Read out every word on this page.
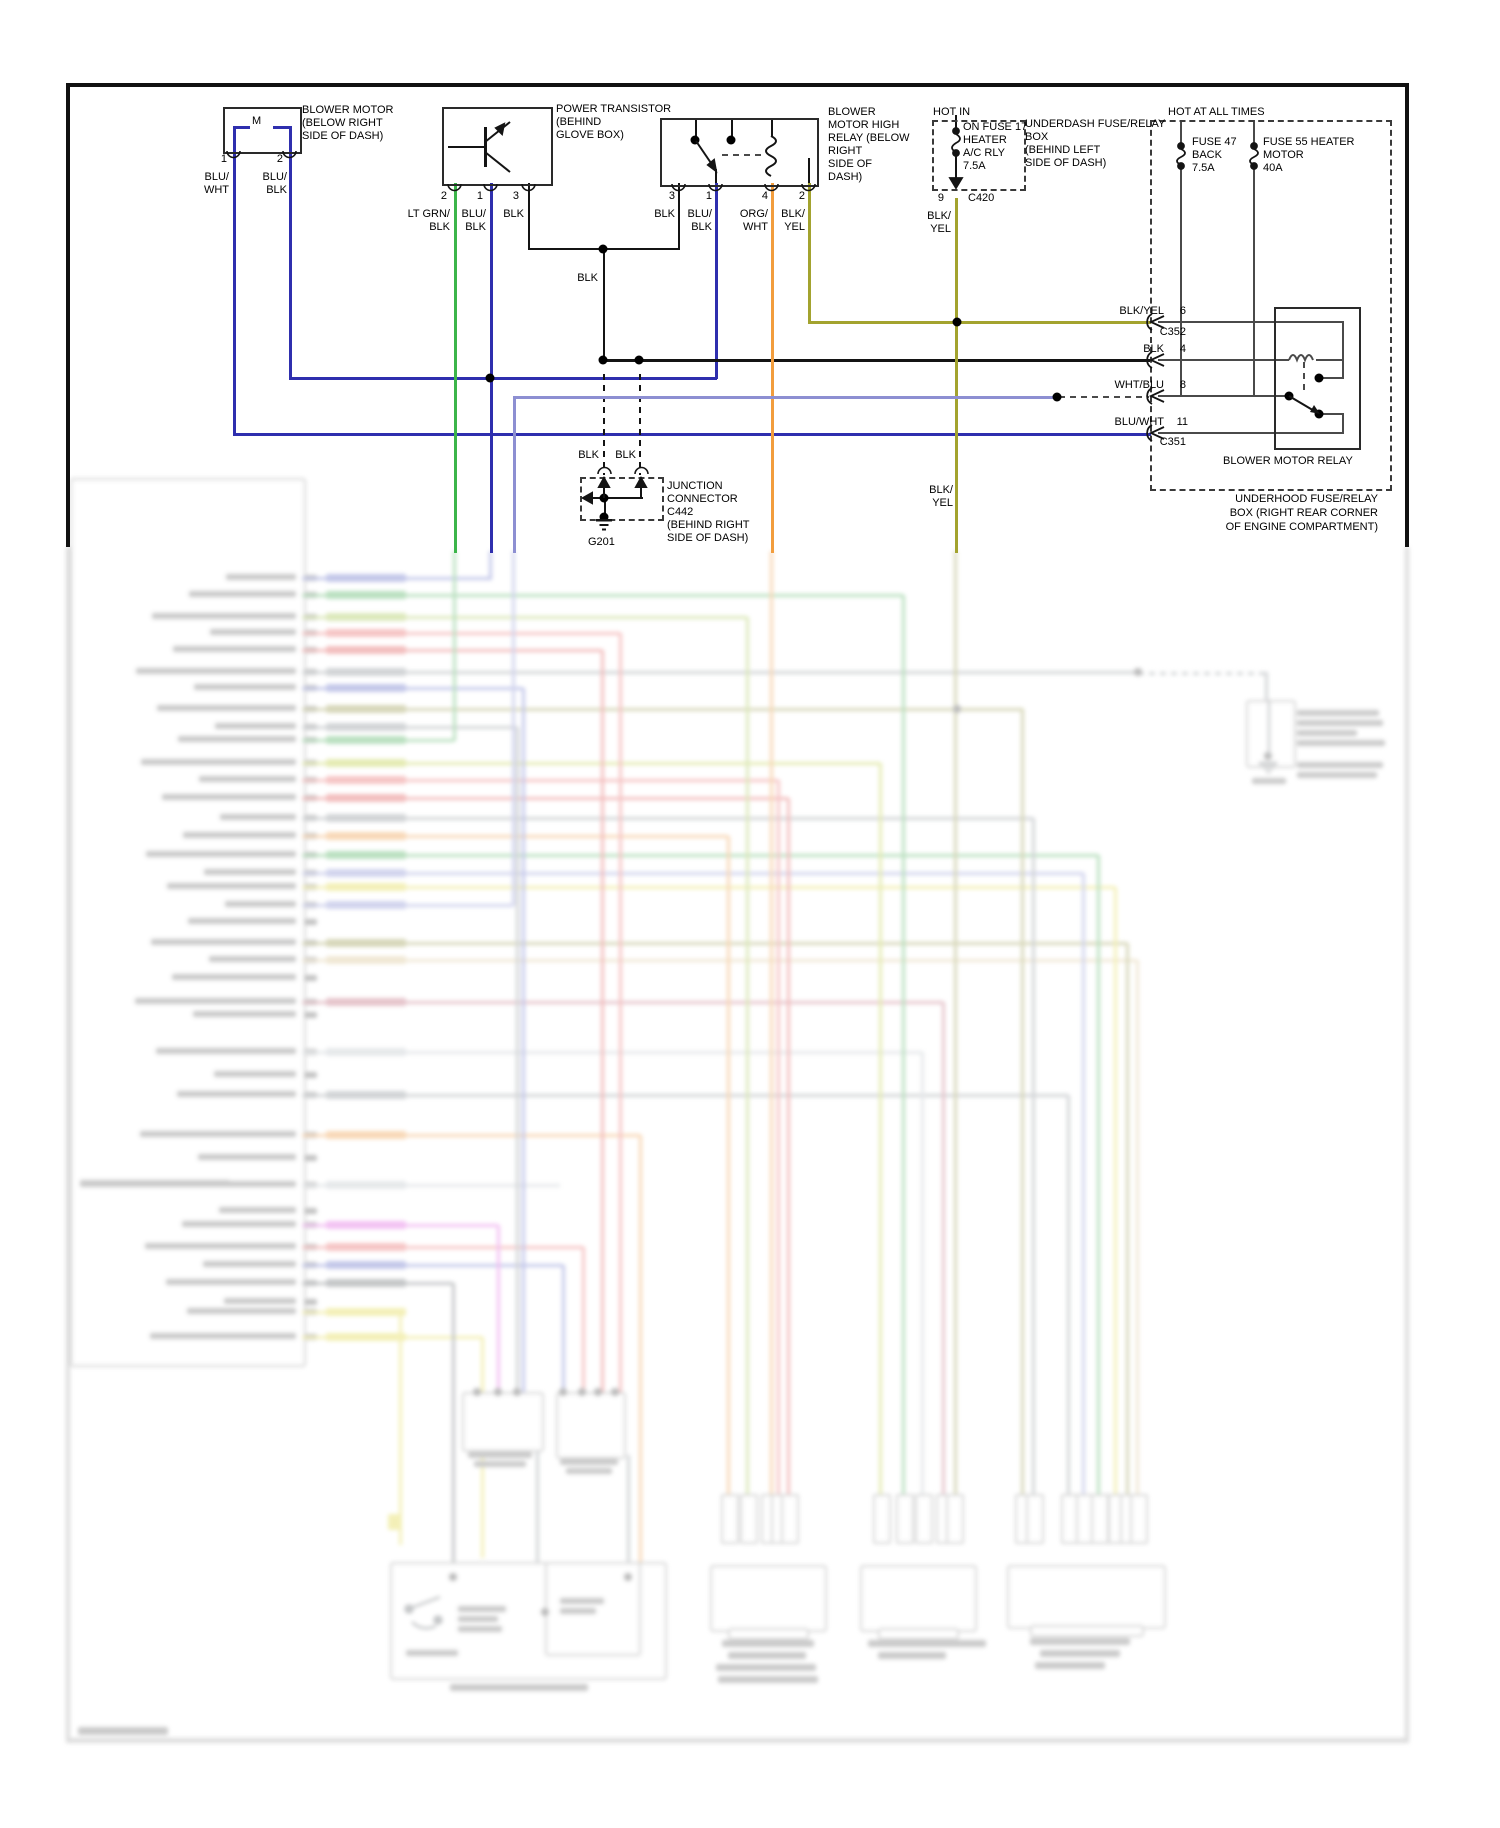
BLOWER MOTOR
(BELOW RIGHT
SIDE OF DASH)
M
1	2
BLU/
WHT
BLU/
BLK
POWER TRANSISTOR
(BEHIND
GLOVE BOX)
2	1	3
LT GRN/
BLK
BLU/
BLK
BLK
BLOWER
MOTOR HIGH
RELAY (BELOW
RIGHT
SIDE OF
DASH)
3	1	4	2
BLK BLU/
BLK
ORG/
WHT
BLK/
YEL
HOT IN
ON FUSE 17
HEATER
A/C RLY
7.5A
9 C420
BLK/
YEL
UNDERDASH FUSE/RELAY
BOX
(BEHIND LEFT
SIDE OF DASH)
HOT AT ALL TIMES
FUSE 47
BACK
7.5A
FUSE 55 HEATER
MOTOR
40A
BLK
BLK/YEL 6
C352
BLK 4
WHT/BLU 8
BLU/WHT 11
C351
BLK BLK
JUNCTION
CONNECTOR
C442
(BEHIND RIGHT
SIDE OF DASH)
G201
BLK/
YEL
BLOWER MOTOR RELAY
UNDERHOOD FUSE/RELAY
BOX (RIGHT REAR CORNER
OF ENGINE COMPARTMENT)
